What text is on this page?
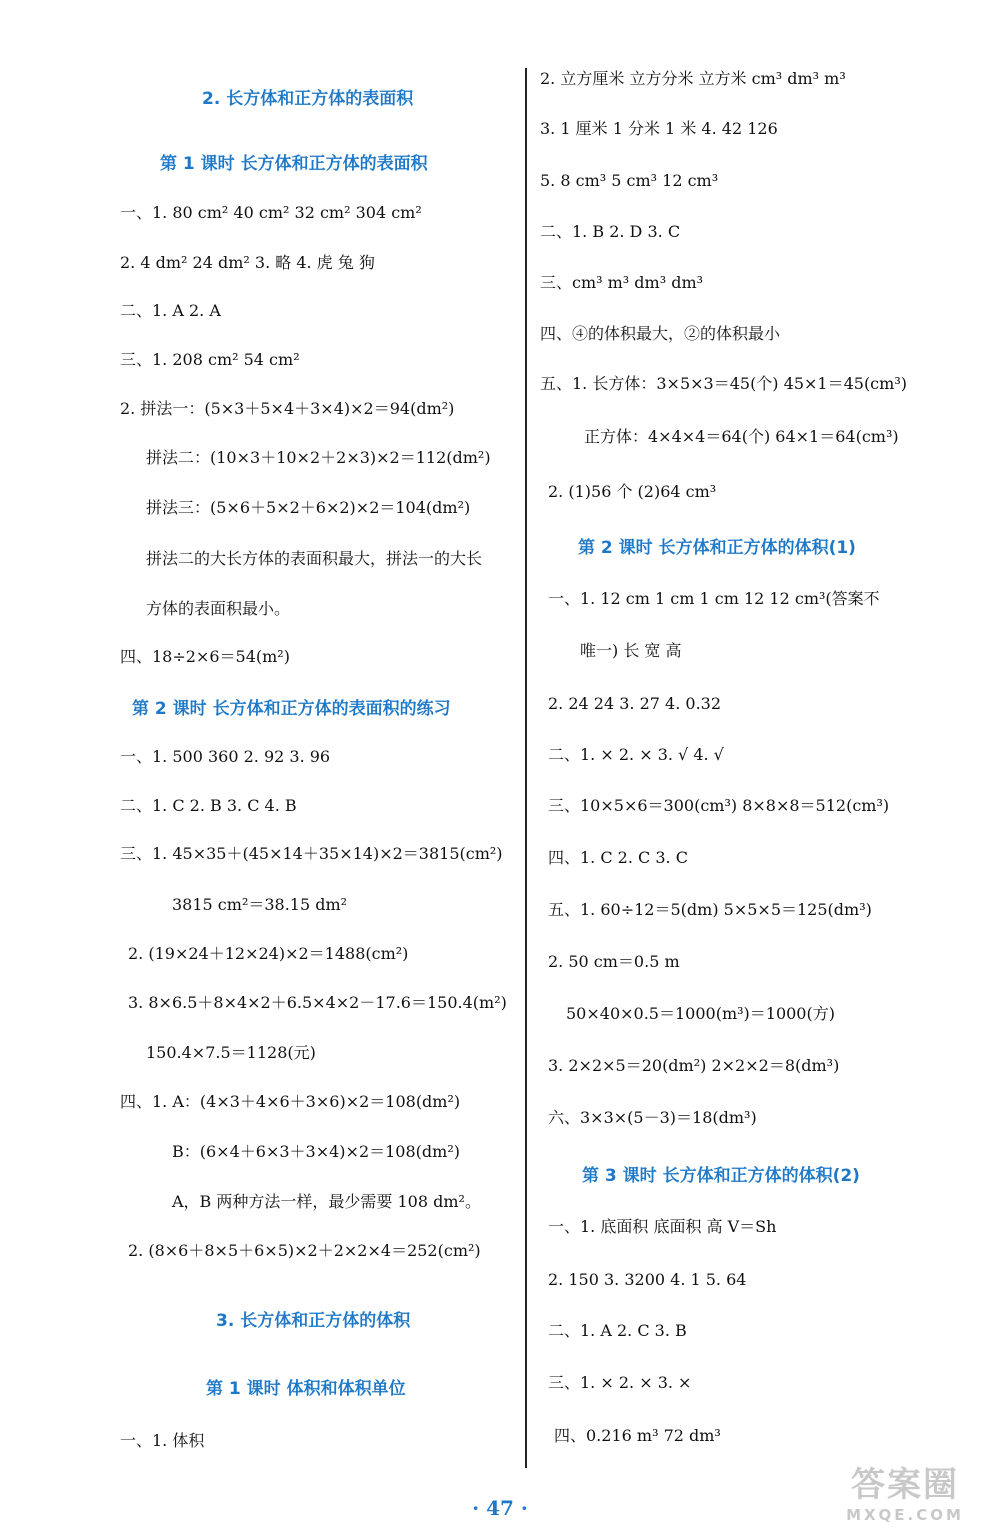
2. 长方体和正方体的表面积
第 1 课时 长方体和正方体的表面积
一、1. 80 cm² 40 cm² 32 cm² 304 cm²
2. 4 dm² 24 dm² 3. 略 4. 虎 兔 狗
二、1. A 2. A
三、1. 208 cm² 54 cm²
2. 拼法一：(5×3＋5×4＋3×4)×2＝94(dm²)
拼法二：(10×3＋10×2＋2×3)×2＝112(dm²)
拼法三：(5×6＋5×2＋6×2)×2＝104(dm²)
拼法二的大长方体的表面积最大，拼法一的大长
方体的表面积最小。
四、18÷2×6＝54(m²)
第 2 课时 长方体和正方体的表面积的练习
一、1. 500 360 2. 92 3. 96
二、1. C 2. B 3. C 4. B
三、1. 45×35＋(45×14＋35×14)×2＝3815(cm²)
3815 cm²＝38.15 dm²
2. (19×24＋12×24)×2＝1488(cm²)
3. 8×6.5＋8×4×2＋6.5×4×2－17.6＝150.4(m²)
150.4×7.5＝1128(元)
四、1. A：(4×3＋4×6＋3×6)×2＝108(dm²)
B：(6×4＋6×3＋3×4)×2＝108(dm²)
A，B 两种方法一样，最少需要 108 dm²。
2. (8×6＋8×5＋6×5)×2＋2×2×4＝252(cm²)
3. 长方体和正方体的体积
第 1 课时 体积和体积单位
一、1. 体积
2. 立方厘米 立方分米 立方米 cm³ dm³ m³
3. 1 厘米 1 分米 1 米 4. 42 126
5. 8 cm³ 5 cm³ 12 cm³
二、1. B 2. D 3. C
三、cm³ m³ dm³ dm³
四、④的体积最大，②的体积最小
五、1. 长方体：3×5×3＝45(个) 45×1＝45(cm³)
正方体：4×4×4＝64(个) 64×1＝64(cm³)
2. (1)56 个 (2)64 cm³
第 2 课时 长方体和正方体的体积(1)
一、1. 12 cm 1 cm 1 cm 12 12 cm³(答案不
唯一) 长 宽 高
2. 24 24 3. 27 4. 0.32
二、1. × 2. × 3. √ 4. √
三、10×5×6＝300(cm³) 8×8×8＝512(cm³)
四、1. C 2. C 3. C
五、1. 60÷12＝5(dm) 5×5×5＝125(dm³)
2. 50 cm＝0.5 m
50×40×0.5＝1000(m³)＝1000(方)
3. 2×2×5＝20(dm²) 2×2×2＝8(dm³)
六、3×3×(5－3)＝18(dm³)
第 3 课时 长方体和正方体的体积(2)
一、1. 底面积 底面积 高 V＝Sh
2. 150 3. 3200 4. 1 5. 64
二、1. A 2. C 3. B
三、1. × 2. × 3. ×
四、0.216 m³ 72 dm³
· 47 ·
答案圈
MXQE.COM
